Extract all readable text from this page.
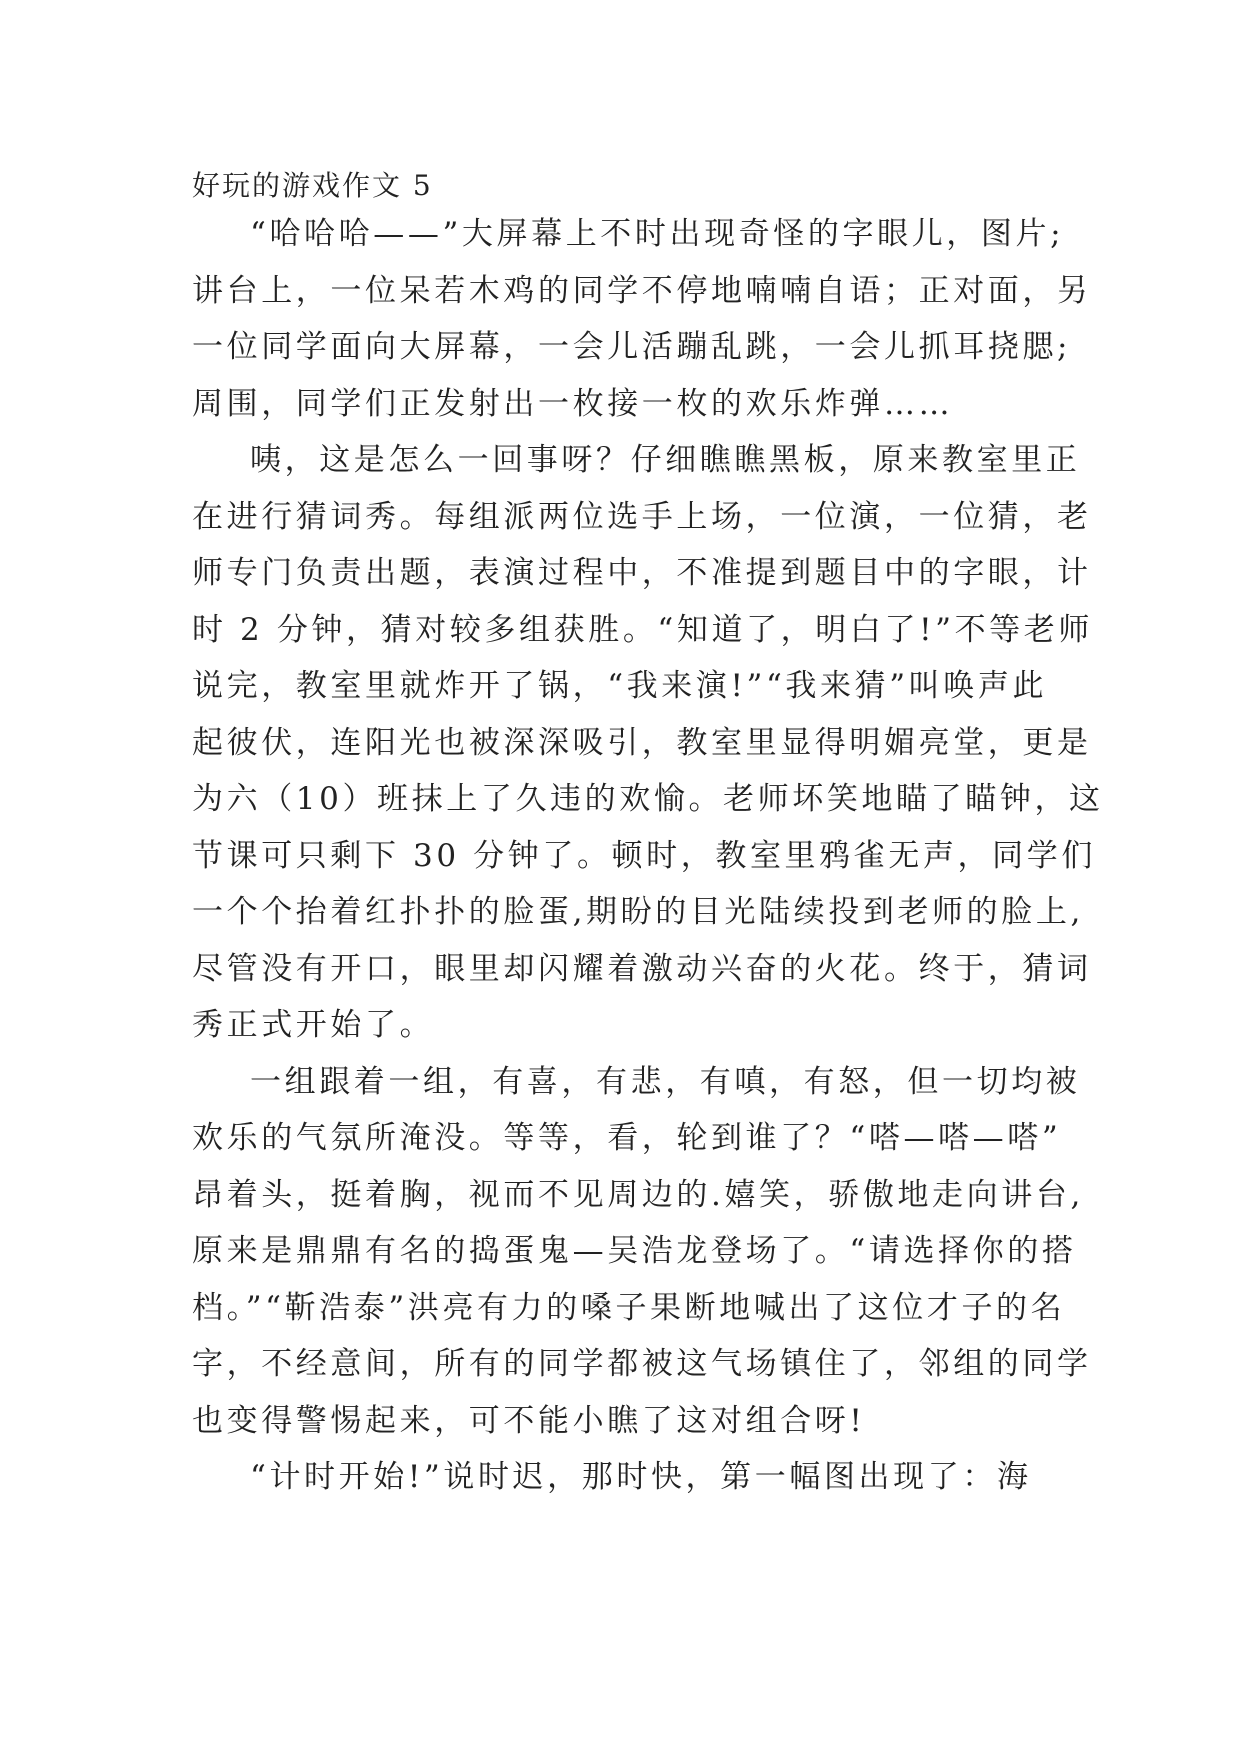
好玩的游戏作文 5

“哈哈哈——”大屏幕上不时出现奇怪的字眼儿，图片;
讲台上，一位呆若木鸡的同学不停地喃喃自语；正对面，另
一位同学面向大屏幕，一会儿活蹦乱跳，一会儿抓耳挠腮;
周围，同学们正发射出一枚接一枚的欢乐炸弹……

咦，这是怎么一回事呀？仔细瞧瞧黑板，原来教室里正
在进行猜词秀。每组派两位选手上场，一位演，一位猜，老
师专门负责出题，表演过程中，不准提到题目中的字眼，计
时 2 分钟，猜对较多组获胜。“知道了，明白了!”不等老师
说完，教室里就炸开了锅，“我来演!”“我来猜”叫唤声此
起彼伏，连阳光也被深深吸引，教室里显得明媚亮堂，更是
为六（10）班抹上了久违的欢愉。老师坏笑地瞄了瞄钟，这
节课可只剩下 30 分钟了。顿时，教室里鸦雀无声，同学们
一个个抬着红扑扑的脸蛋,期盼的目光陆续投到老师的脸上,
尽管没有开口，眼里却闪耀着激动兴奋的火花。终于，猜词
秀正式开始了。

一组跟着一组，有喜，有悲，有嗔，有怒，但一切均被
欢乐的气氛所淹没。等等，看，轮到谁了？“嗒—嗒—嗒”
昂着头，挺着胸，视而不见周边的.嬉笑，骄傲地走向讲台,
原来是鼎鼎有名的捣蛋鬼—吴浩龙登场了。“请选择你的搭
档。”“靳浩泰”洪亮有力的嗓子果断地喊出了这位才子的名
字，不经意间，所有的同学都被这气场镇住了，邻组的同学
也变得警惕起来，可不能小瞧了这对组合呀!

“计时开始!”说时迟，那时快，第一幅图出现了：海
